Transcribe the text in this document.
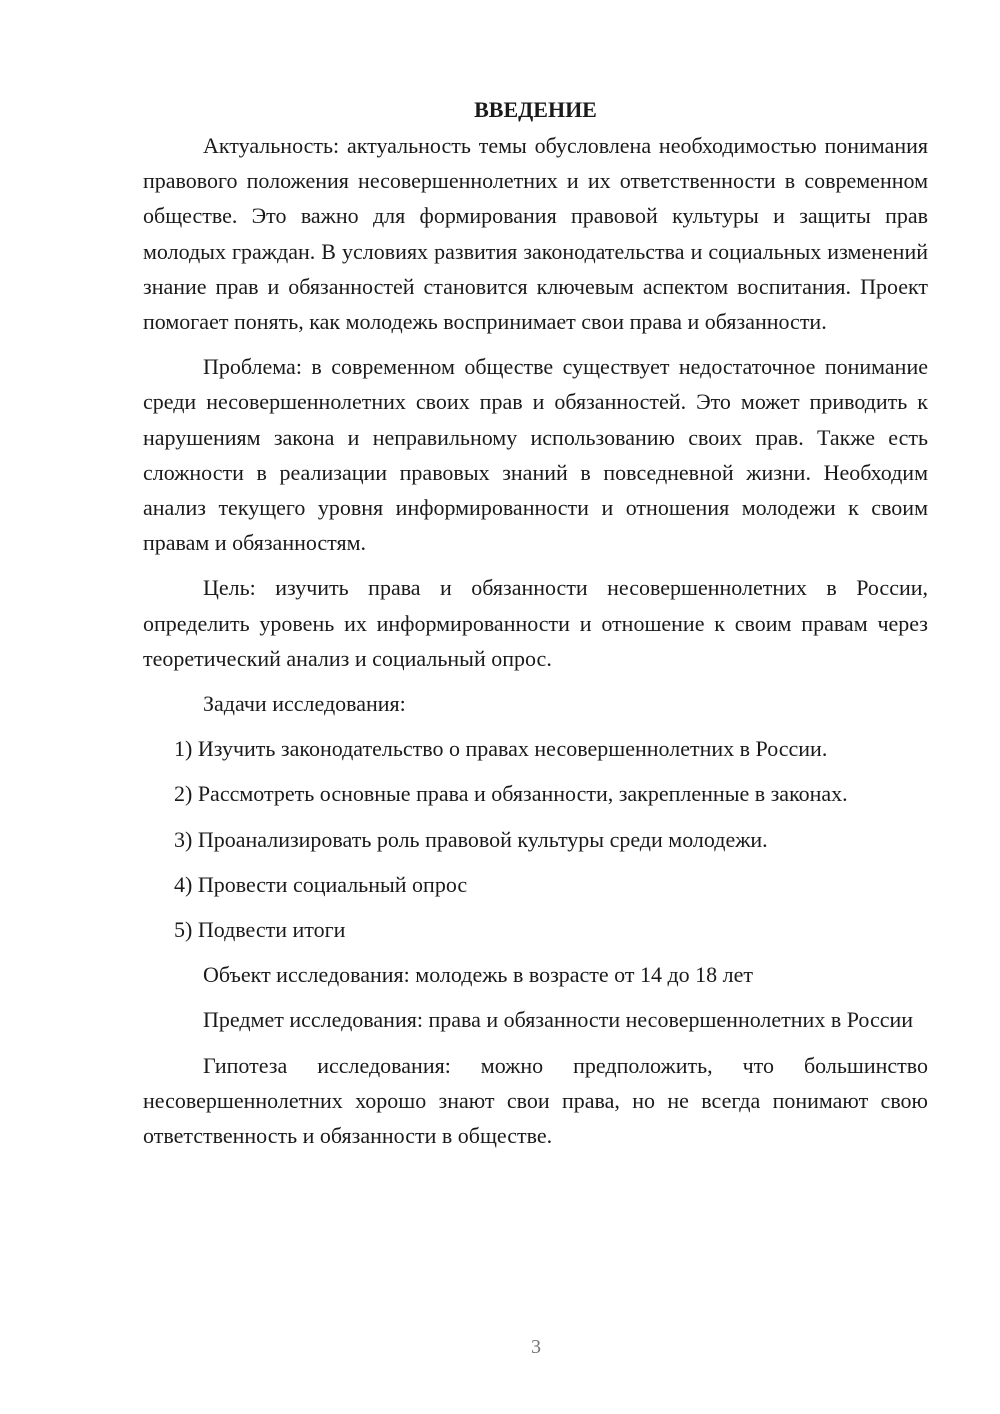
ВВЕДЕНИЕ

Актуальность: актуальность темы обусловлена необходимостью понимания правового положения несовершеннолетних и их ответственности в современном обществе. Это важно для формирования правовой культуры и защиты прав молодых граждан. В условиях развития законодательства и социальных изменений знание прав и обязанностей становится ключевым аспектом воспитания. Проект помогает понять, как молодежь воспринимает свои права и обязанности.

Проблема: в современном обществе существует недостаточное понимание среди несовершеннолетних своих прав и обязанностей. Это может приводить к нарушениям закона и неправильному использованию своих прав. Также есть сложности в реализации правовых знаний в повседневной жизни. Необходим анализ текущего уровня информированности и отношения молодежи к своим правам и обязанностям.

Цель: изучить права и обязанности несовершеннолетних в России, определить уровень их информированности и отношение к своим правам через теоретический анализ и социальный опрос.

Задачи исследования:

1) Изучить законодательство о правах несовершеннолетних в России.

2) Рассмотреть основные права и обязанности, закрепленные в законах.

3) Проанализировать роль правовой культуры среди молодежи.

4) Провести социальный опрос

5) Подвести итоги

Объект исследования: молодежь в возрасте от 14 до 18 лет

Предмет исследования: права и обязанности несовершеннолетних в России

Гипотеза исследования: можно предположить, что большинство несовершеннолетних хорошо знают свои права, но не всегда понимают свою ответственность и обязанности в обществе.

3
